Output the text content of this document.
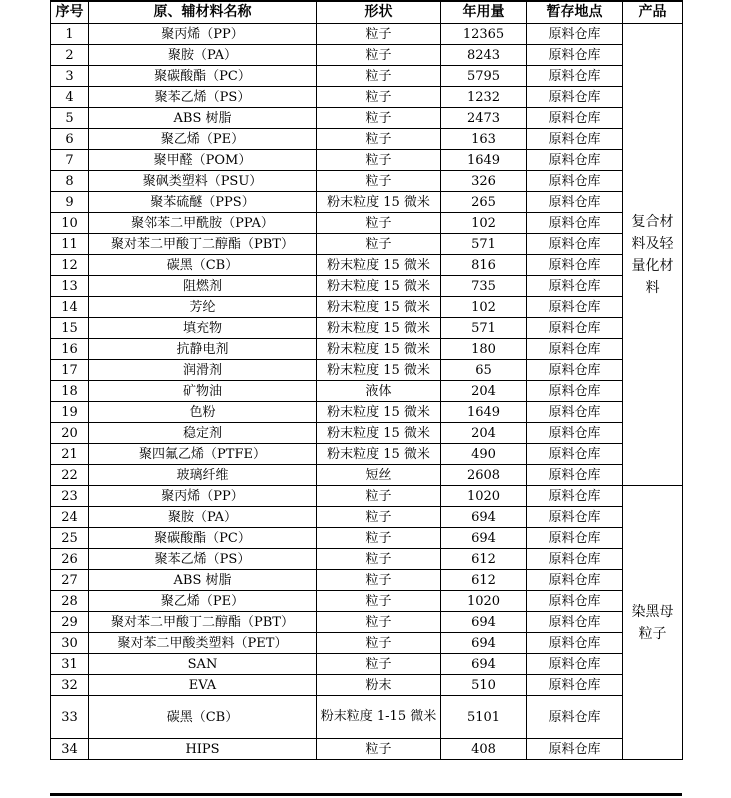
序号	原、辅材料名称	形状	年用量	暂存地点	产品
1	聚丙烯（PP）	粒子	12365	原料仓库	复合材料及轻量化材料
2	聚胺（PA）	粒子	8243	原料仓库	
3	聚碳酸酯（PC）	粒子	5795	原料仓库	
4	聚苯乙烯（PS）	粒子	1232	原料仓库	
5	ABS 树脂	粒子	2473	原料仓库	
6	聚乙烯（PE）	粒子	163	原料仓库	
7	聚甲醛（POM）	粒子	1649	原料仓库	
8	聚砜类塑料（PSU）	粒子	326	原料仓库	
9	聚苯硫醚（PPS）	粉末粒度 15 微米	265	原料仓库	
10	聚邻苯二甲酰胺（PPA）	粒子	102	原料仓库	
11	聚对苯二甲酸丁二醇酯（PBT）	粒子	571	原料仓库	
12	碳黑（CB）	粉末粒度 15 微米	816	原料仓库	
13	阻燃剂	粉末粒度 15 微米	735	原料仓库	
14	芳纶	粉末粒度 15 微米	102	原料仓库	
15	填充物	粉末粒度 15 微米	571	原料仓库	
16	抗静电剂	粉末粒度 15 微米	180	原料仓库	
17	润滑剂	粉末粒度 15 微米	65	原料仓库	
18	矿物油	液体	204	原料仓库	
19	色粉	粉末粒度 15 微米	1649	原料仓库	
20	稳定剂	粉末粒度 15 微米	204	原料仓库	
21	聚四氟乙烯（PTFE）	粉末粒度 15 微米	490	原料仓库	
22	玻璃纤维	短丝	2608	原料仓库	
23	聚丙烯（PP）	粒子	1020	原料仓库	染黑母粒子
24	聚胺（PA）	粒子	694	原料仓库	
25	聚碳酸酯（PC）	粒子	694	原料仓库	
26	聚苯乙烯（PS）	粒子	612	原料仓库	
27	ABS 树脂	粒子	612	原料仓库	
28	聚乙烯（PE）	粒子	1020	原料仓库	
29	聚对苯二甲酸丁二醇酯（PBT）	粒子	694	原料仓库	
30	聚对苯二甲酸类塑料（PET）	粒子	694	原料仓库	
31	SAN	粒子	694	原料仓库	
32	EVA	粉末	510	原料仓库	
33	碳黑（CB）	粉末粒度 1-15 微米	5101	原料仓库	
34	HIPS	粒子	408	原料仓库	
